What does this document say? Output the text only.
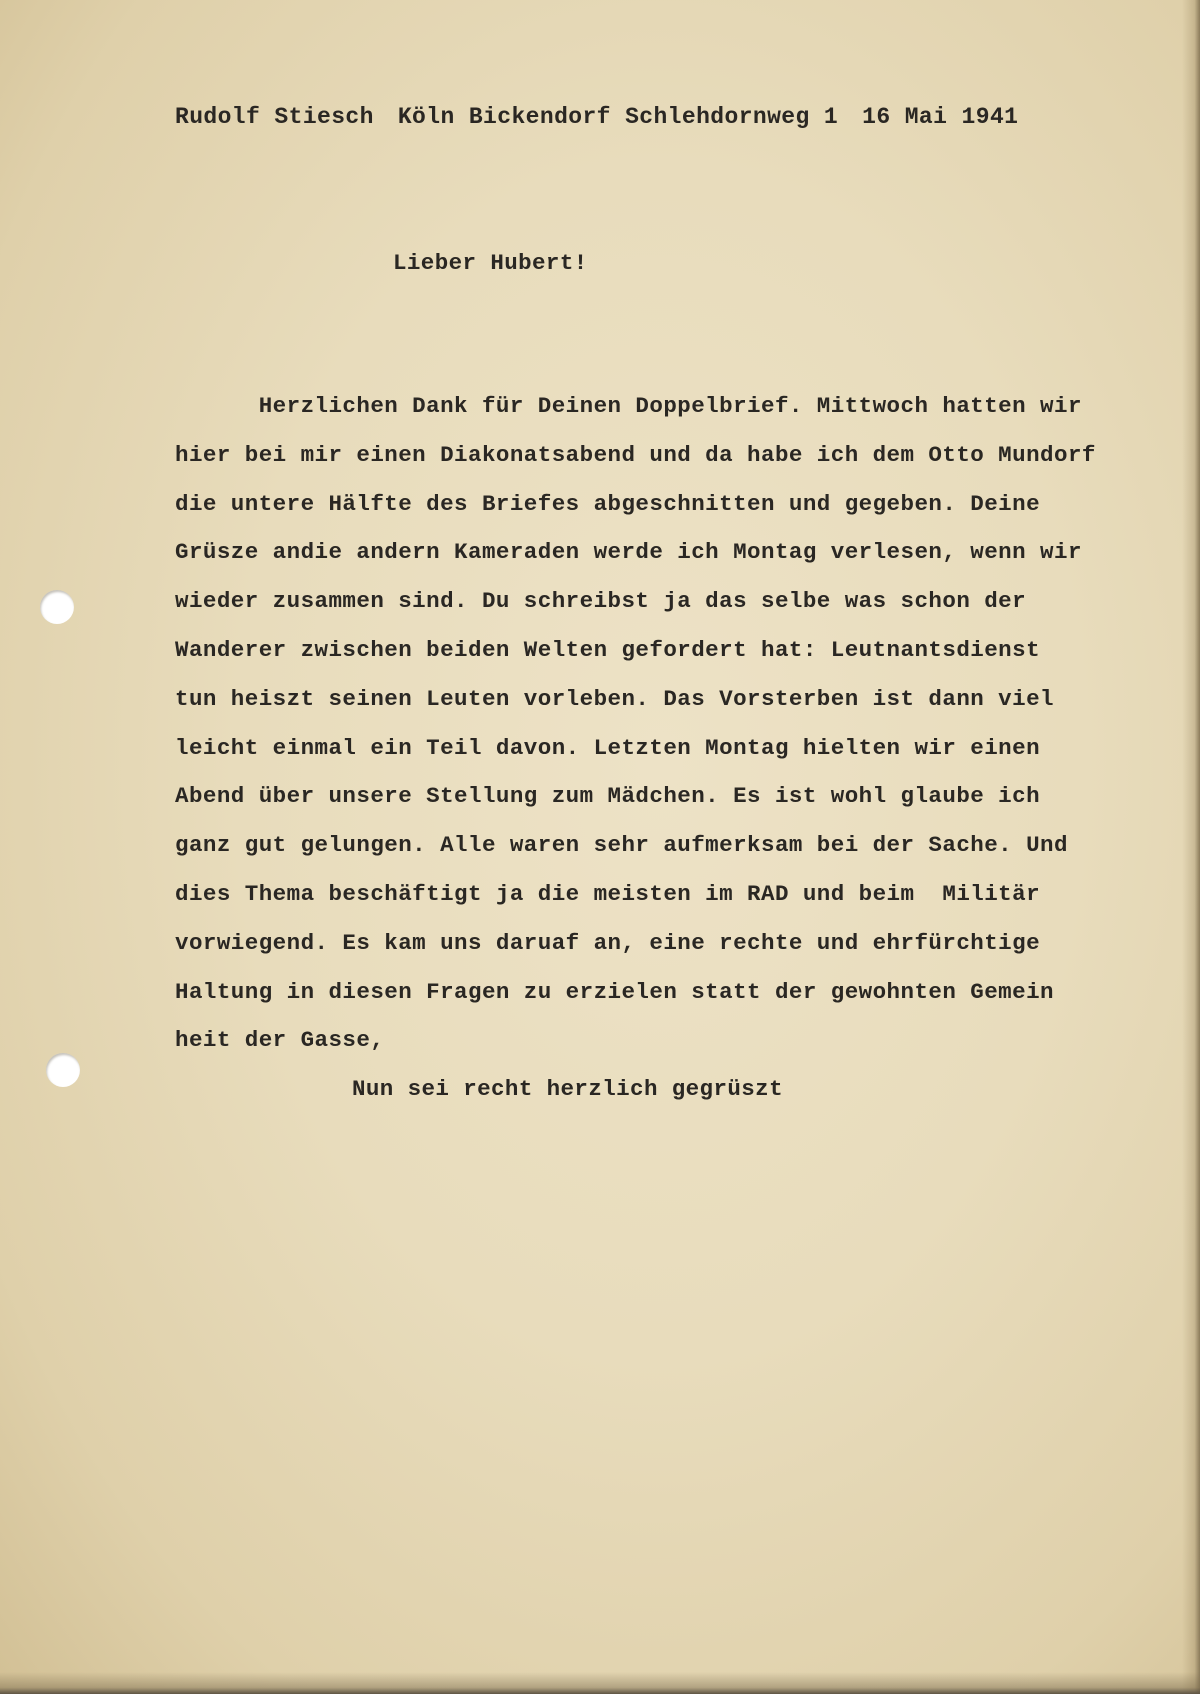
Rudolf Stiesch Köln Bickendorf Schlehdornweg 1 16 Mai 1941

Lieber Hubert!

Herzlichen Dank für Deinen Doppelbrief. Mittwoch hatten wir
hier bei mir einen Diakonatsabend und da habe ich dem Otto Mundorf
die untere Hälfte des Briefes abgeschnitten und gegeben. Deine
Grüsze andie andern Kameraden werde ich Montag verlesen, wenn wir
wieder zusammen sind. Du schreibst ja das selbe was schon der
Wanderer zwischen beiden Welten gefordert hat: Leutnantsdienst
tun heiszt seinen Leuten vorleben. Das Vorsterben ist dann viel
leicht einmal ein Teil davon. Letzten Montag hielten wir einen
Abend über unsere Stellung zum Mädchen. Es ist wohl glaube ich
ganz gut gelungen. Alle waren sehr aufmerksam bei der Sache. Und
dies Thema beschäftigt ja die meisten im RAD und beim  Militär
vorwiegend. Es kam uns daruaf an, eine rechte und ehrfürchtige
Haltung in diesen Fragen zu erzielen statt der gewohnten Gemein
heit der Gasse,

Nun sei recht herzlich gegrüszt
